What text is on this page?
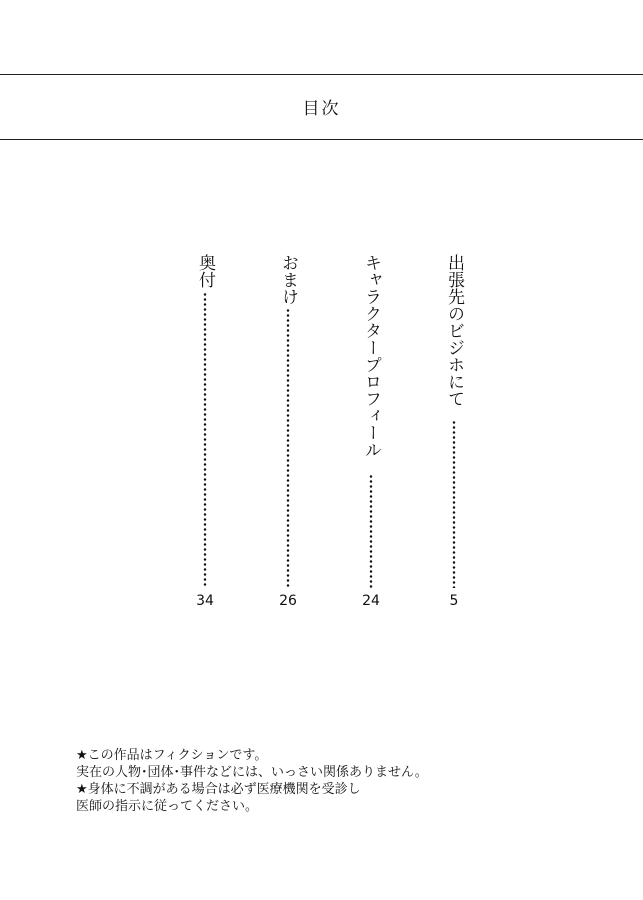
目次
出張先のビジホにて
5
キャラクタープロフィール
24
おまけ
26
奥付
34
★この作品はフィクションです。
実在の人物･団体･事件などには、いっさい関係ありません。
★身体に不調がある場合は必ず医療機関を受診し
医師の指示に従ってください。
